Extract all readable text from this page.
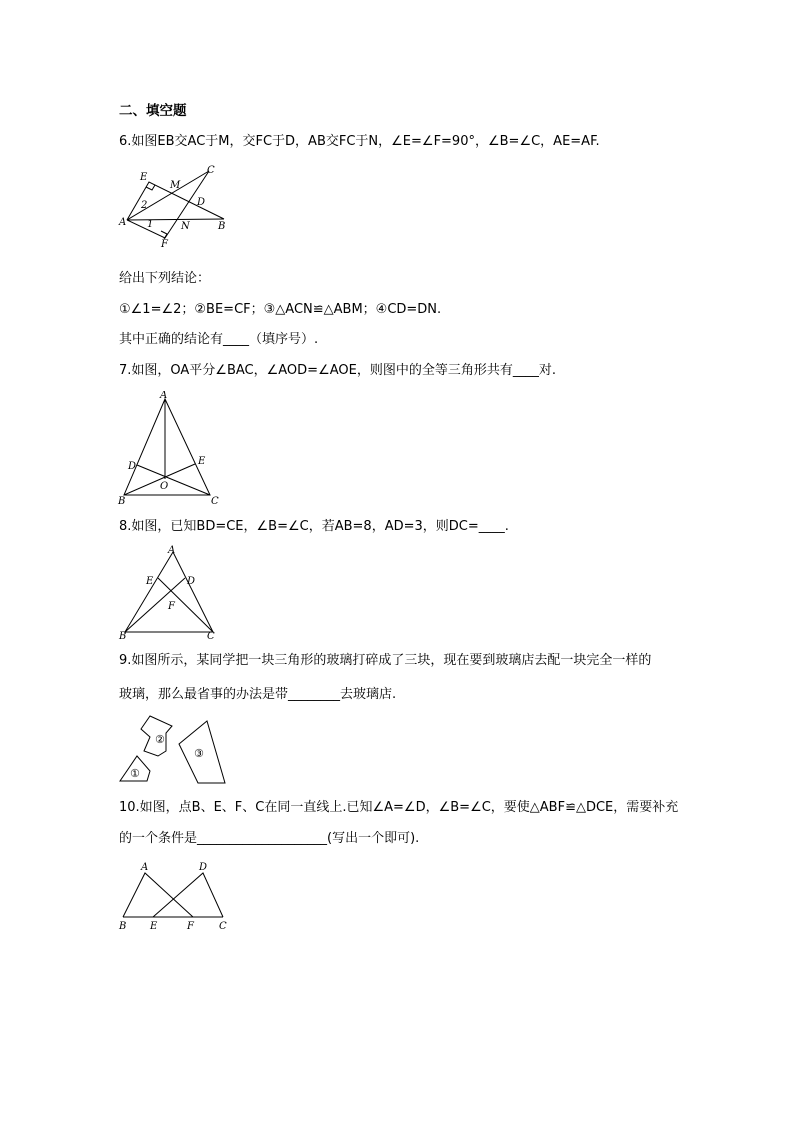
二、填空题
6.如图EB交AC于M，交FC于D，AB交FC于N，∠E=∠F=90°，∠B=∠C，AE=AF.
E
M
C
2	D
A 1	N	B
F
给出下列结论：
①∠1=∠2；②BE=CF；③△ACN≌△ABM；④CD=DN.
其中正确的结论有____（填序号）.
7.如图，OA平分∠BAC，∠AOD=∠AOE，则图中的全等三角形共有____对.
A
D	E
B
O
C
8.如图，已知BD=CE，∠B=∠C，若AB=8，AD=3，则DC=____.
A
E	D
F
B	C
9.如图所示，某同学把一块三角形的玻璃打碎成了三块，现在要到玻璃店去配一块完全一样的
玻璃，那么最省事的办法是带________去玻璃店.
②
③
①
10.如图，点B、E、F、C在同一直线上.已知∠A=∠D，∠B=∠C，要使△ABF≌△DCE，需要补充
的一个条件是____________________(写出一个即可).
A	D
B E	F	C
